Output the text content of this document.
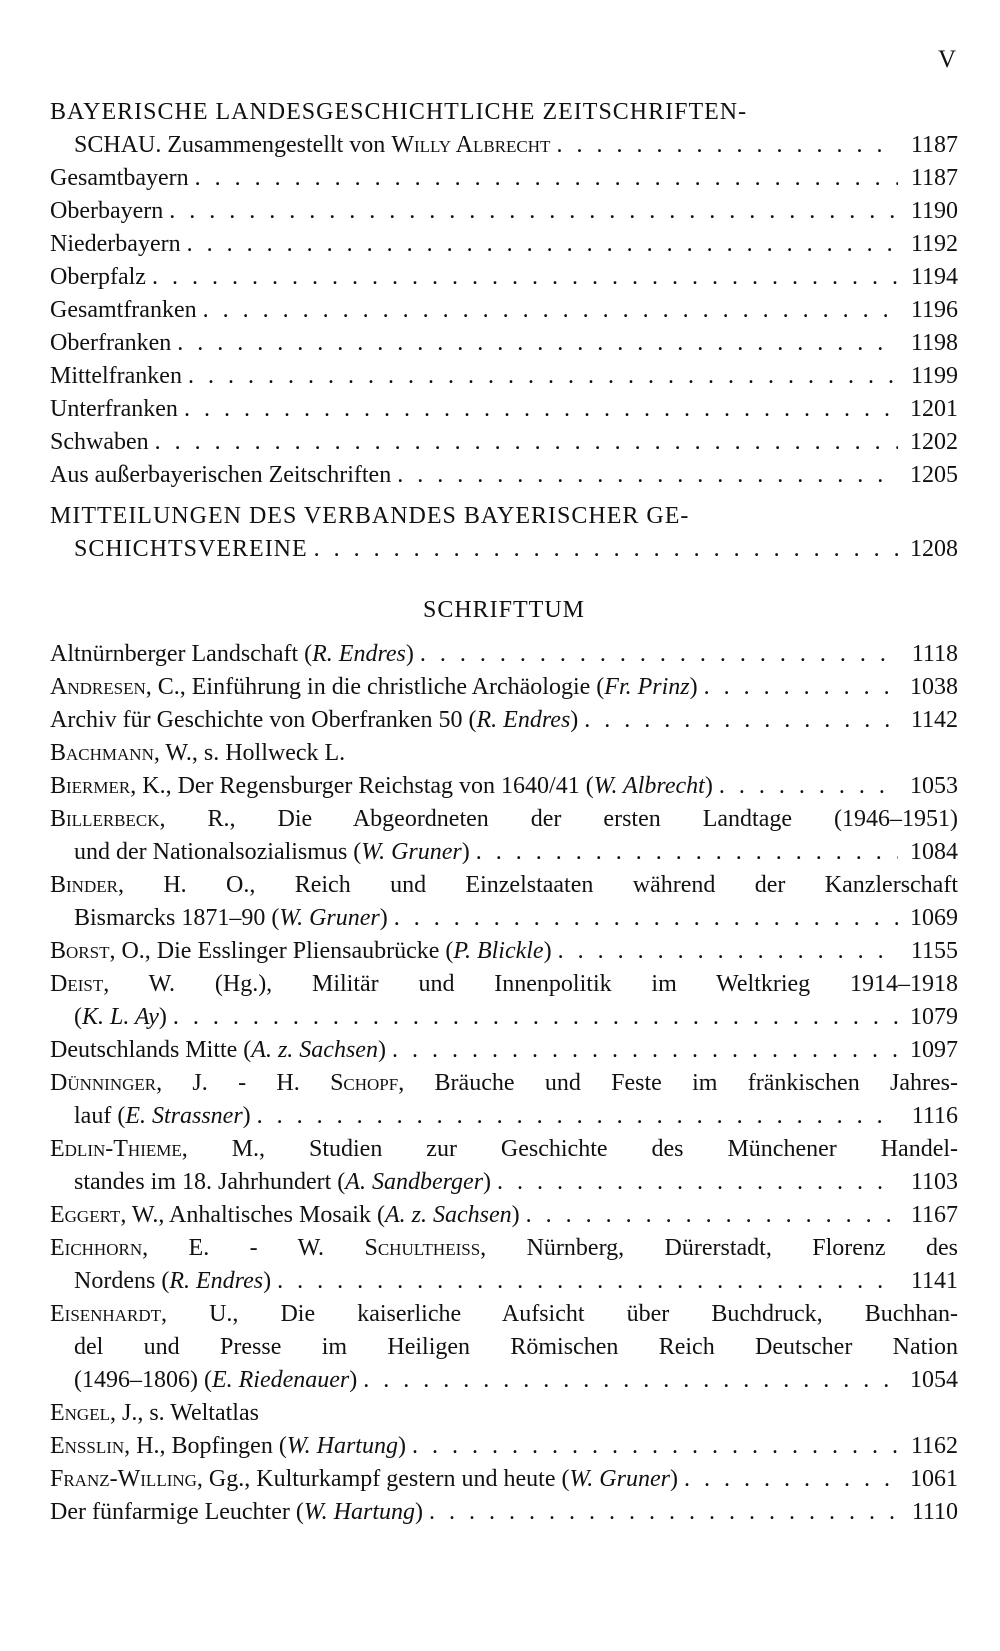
V
BAYERISCHE LANDESGESCHICHTLICHE ZEITSCHRIFTEN-
SCHAU. Zusammengestellt von Willy Albrecht . . .	1187
Gesamtbayern . . .	1187
Oberbayern . . .	1190
Niederbayern . . .	1192
Oberpfalz . . .	1194
Gesamtfranken . . .	1196
Oberfranken . . .	1198
Mittelfranken . . .	1199
Unterfranken . . .	1201
Schwaben . . .	1202
Aus außerbayerischen Zeitschriften . . .	1205
MITTEILUNGEN DES VERBANDES BAYERISCHER GE-
SCHICHTSVEREINE . . .	1208
SCHRIFTTUM
Altnürnberger Landschaft (R. Endres) . . .	1118
Andresen, C., Einführung in die christliche Archäologie (Fr. Prinz) . . .	1038
Archiv für Geschichte von Oberfranken 50 (R. Endres) . . .	1142
Bachmann, W., s. Hollweck L.
Biermer, K., Der Regensburger Reichstag von 1640/41 (W. Albrecht) . . .	1053
Billerbeck, R., Die Abgeordneten der ersten Landtage (1946–1951)
und der Nationalsozialismus (W. Gruner) . . .	1084
Binder, H. O., Reich und Einzelstaaten während der Kanzlerschaft
Bismarcks 1871–90 (W. Gruner) . . .	1069
Borst, O., Die Esslinger Pliensaubrücke (P. Blickle) . . .	1155
Deist, W. (Hg.), Militär und Innenpolitik im Weltkrieg 1914–1918
(K. L. Ay) . . .	1079
Deutschlands Mitte (A. z. Sachsen) . . .	1097
Dünninger, J. - H. Schopf, Bräuche und Feste im fränkischen Jahres-
lauf (E. Strassner) . . .	1116
Edlin-Thieme, M., Studien zur Geschichte des Münchener Handel-
standes im 18. Jahrhundert (A. Sandberger) . . .	1103
Eggert, W., Anhaltisches Mosaik (A. z. Sachsen) . . .	1167
Eichhorn, E. - W. Schultheiss, Nürnberg, Dürerstadt, Florenz des
Nordens (R. Endres) . . .	1141
Eisenhardt, U., Die kaiserliche Aufsicht über Buchdruck, Buchhan-
del und Presse im Heiligen Römischen Reich Deutscher Nation
(1496–1806) (E. Riedenauer) . . .	1054
Engel, J., s. Weltatlas
Ensslin, H., Bopfingen (W. Hartung) . . .	1162
Franz-Willing, Gg., Kulturkampf gestern und heute (W. Gruner) . . .	1061
Der fünfarmige Leuchter (W. Hartung) . . .	1110
